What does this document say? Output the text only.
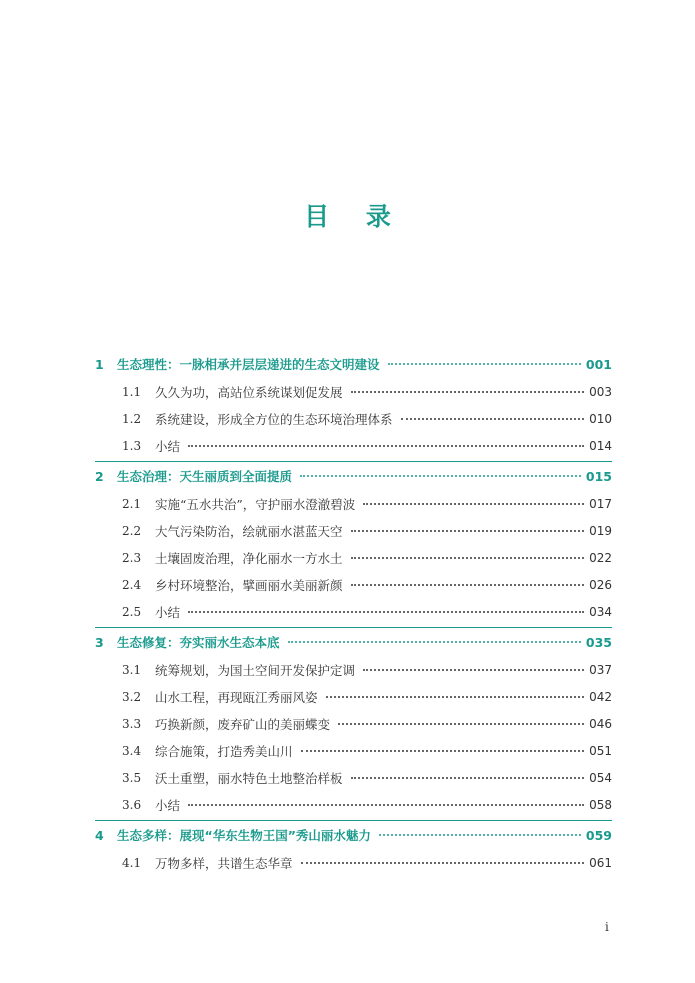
目 录
1	生态理性：一脉相承并层层递进的生态文明建设	001
1.1	久久为功，高站位系统谋划促发展	003
1.2	系统建设，形成全方位的生态环境治理体系	010
1.3	小结	014
2	生态治理：天生丽质到全面提质	015
2.1	实施“五水共治”，守护丽水澄澈碧波	017
2.2	大气污染防治，绘就丽水湛蓝天空	019
2.3	土壤固废治理，净化丽水一方水土	022
2.4	乡村环境整治，擘画丽水美丽新颜	026
2.5	小结	034
3	生态修复：夯实丽水生态本底	035
3.1	统筹规划，为国土空间开发保护定调	037
3.2	山水工程，再现瓯江秀丽风姿	042
3.3	巧换新颜，废弃矿山的美丽蝶变	046
3.4	综合施策，打造秀美山川	051
3.5	沃土重塑，丽水特色土地整治样板	054
3.6	小结	058
4	生态多样：展现“华东生物王国”秀山丽水魅力	059
4.1	万物多样，共谱生态华章	061
i
